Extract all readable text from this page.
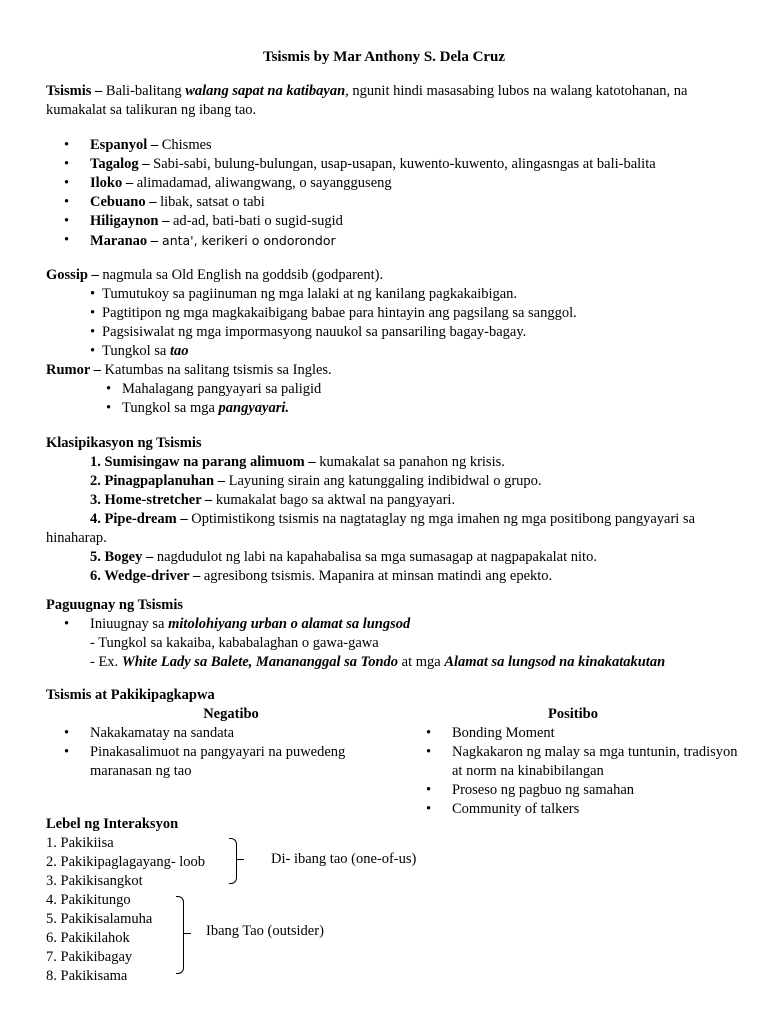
Tsismis by Mar Anthony S. Dela Cruz
Tsismis – Bali-balitang walang sapat na katibayan, ngunit hindi masasabing lubos na walang katotohanan, na kumakalat sa talikuran ng ibang tao.
• Espanyol – Chismes
• Tagalog – Sabi-sabi, bulung-bulungan, usap-usapan, kuwento-kuwento, alingasngas at bali-balita
• Iloko – alimadamad, aliwangwang, o sayangguseng
• Cebuano – libak, satsat o tabi
• Hiligaynon – ad-ad, bati-bati o sugid-sugid
• Maranao – anta', kerikeri o ondorondor
Gossip – nagmula sa Old English na goddsib (godparent).
• Tumutukoy sa pagiinuman ng mga lalaki at ng kanilang pagkakaibigan.
• Pagtitipon ng mga magkakaibigang babae para hintayin ang pagsilang sa sanggol.
• Pagsisiwalat ng mga impormasyong nauukol sa pansariling bagay-bagay.
• Tungkol sa tao
Rumor – Katumbas na salitang tsismis sa Ingles.
• Mahalagang pangyayari sa paligid
• Tungkol sa mga pangyayari.
Klasipikasyon ng Tsismis
1. Sumisingaw na parang alimuom – kumakalat sa panahon ng krisis.
2. Pinagpaplanuhan – Layuning sirain ang katunggaling indibidwal o grupo.
3. Home-stretcher – kumakalat bago sa aktwal na pangyayari.
4. Pipe-dream – Optimistikong tsismis na nagtataglay ng mga imahen ng mga positibong pangyayari sa
hinaharap.
5. Bogey – nagdudulot ng labi na kapahabalisa sa mga sumasagap at nagpapakalat nito.
6. Wedge-driver – agresibong tsismis. Mapanira at minsan matindi ang epekto.
Paguugnay ng Tsismis
• Iniuugnay sa mitolohiyang urban o alamat sa lungsod
- Tungkol sa kakaiba, kababalaghan o gawa-gawa
- Ex. White Lady sa Balete, Manananggal sa Tondo at mga Alamat sa lungsod na kinakatakutan
Tsismis at Pakikipagkapwa
Negatibo
• Nakakamatay na sandata
• Pinakasalimuot na pangyayari na puwedeng maranasan ng tao
Positibo
• Bonding Moment
• Nagkakaron ng malay sa mga tuntunin, tradisyon at norm na kinabibilangan
• Proseso ng pagbuo ng samahan
• Community of talkers
Lebel ng Interaksyon
1. Pakikiisa
2. Pakikipaglagayang- loob
3. Pakikisangkot
4. Pakikitungo
5. Pakikisalamuha
6. Pakikilahok
7. Pakikibagay
8. Pakikisama
Di- ibang tao (one-of-us)
Ibang Tao (outsider)
